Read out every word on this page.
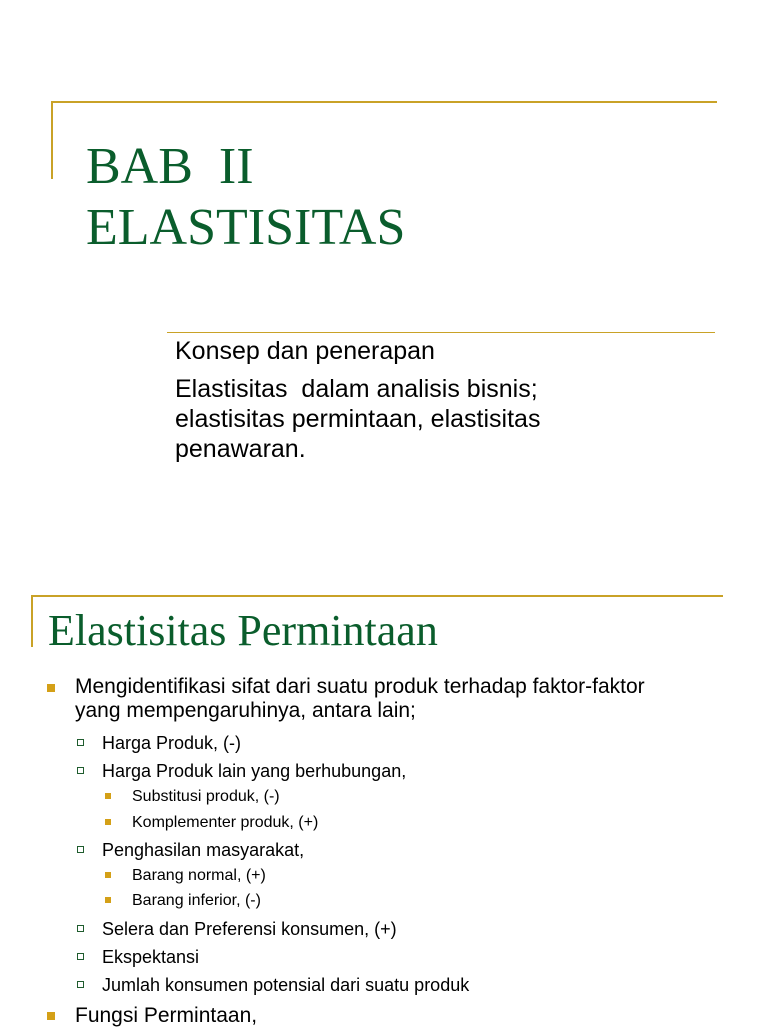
BAB  II
ELASTISITAS
Konsep dan penerapan
Elastisitas  dalam analisis bisnis;
elastisitas permintaan, elastisitas
penawaran.
Elastisitas Permintaan
Mengidentifikasi sifat dari suatu produk terhadap faktor-faktor
yang mempengaruhinya, antara lain;
Harga Produk, (-)
Harga Produk lain yang berhubungan,
Substitusi produk, (-)
Komplementer produk, (+)
Penghasilan masyarakat,
Barang normal, (+)
Barang inferior, (-)
Selera dan Preferensi konsumen, (+)
Ekspektansi
Jumlah konsumen potensial dari suatu produk
Fungsi Permintaan,
